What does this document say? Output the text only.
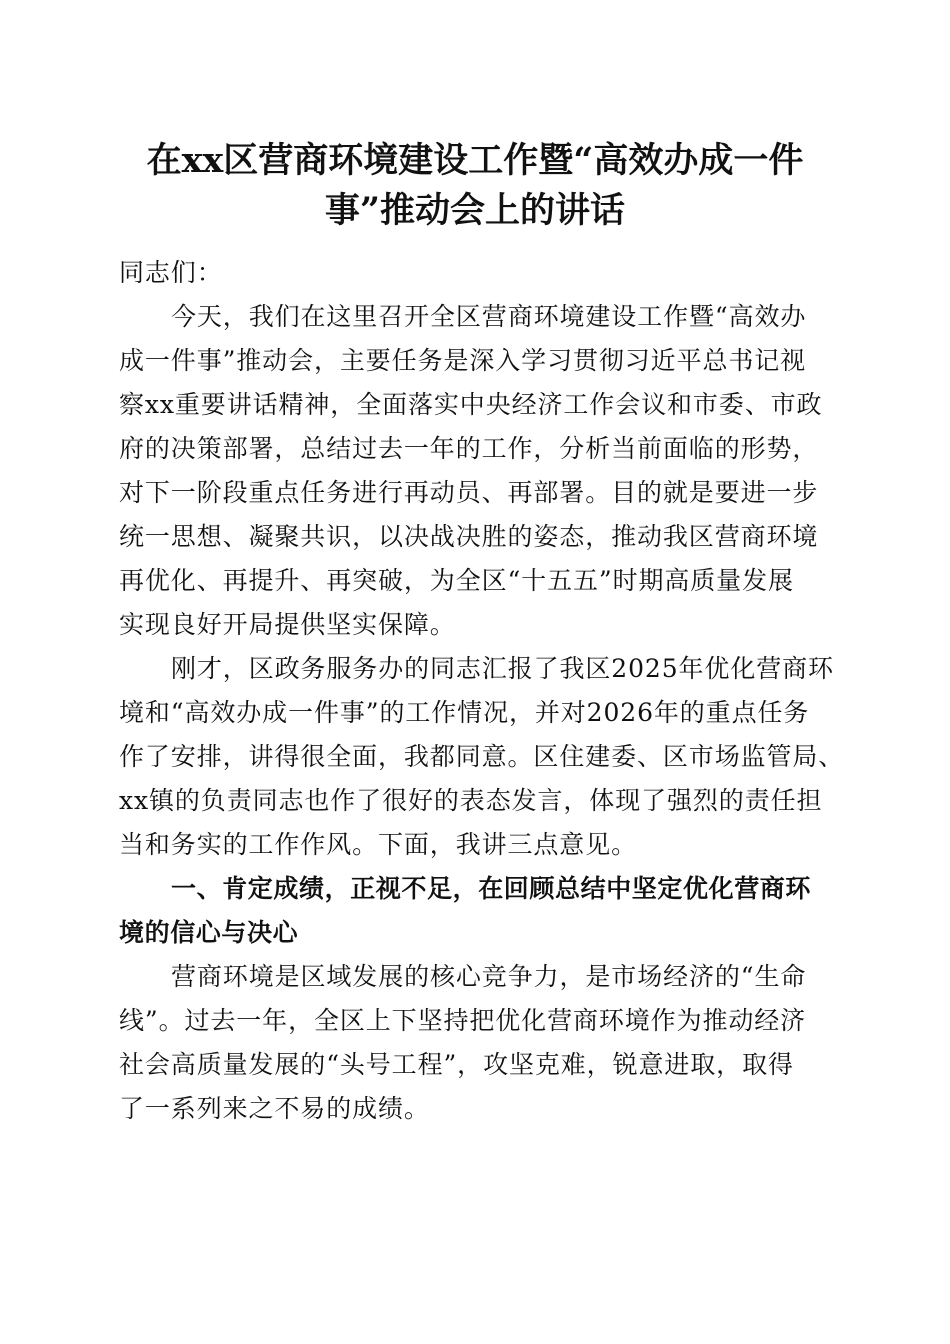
在xx区营商环境建设工作暨“高效办成一件
事”推动会上的讲话
同志们：
今天，我们在这里召开全区营商环境建设工作暨“高效办
成一件事”推动会，主要任务是深入学习贯彻习近平总书记视
察xx重要讲话精神，全面落实中央经济工作会议和市委、市政
府的决策部署，总结过去一年的工作，分析当前面临的形势，
对下一阶段重点任务进行再动员、再部署。目的就是要进一步
统一思想、凝聚共识，以决战决胜的姿态，推动我区营商环境
再优化、再提升、再突破，为全区“十五五”时期高质量发展
实现良好开局提供坚实保障。
刚才，区政务服务办的同志汇报了我区2025年优化营商环
境和“高效办成一件事”的工作情况，并对2026年的重点任务
作了安排，讲得很全面，我都同意。区住建委、区市场监管局、
xx镇的负责同志也作了很好的表态发言，体现了强烈的责任担
当和务实的工作作风。下面，我讲三点意见。
一、肯定成绩，正视不足，在回顾总结中坚定优化营商环
境的信心与决心
营商环境是区域发展的核心竞争力，是市场经济的“生命
线”。过去一年，全区上下坚持把优化营商环境作为推动经济
社会高质量发展的“头号工程”，攻坚克难，锐意进取，取得
了一系列来之不易的成绩。
